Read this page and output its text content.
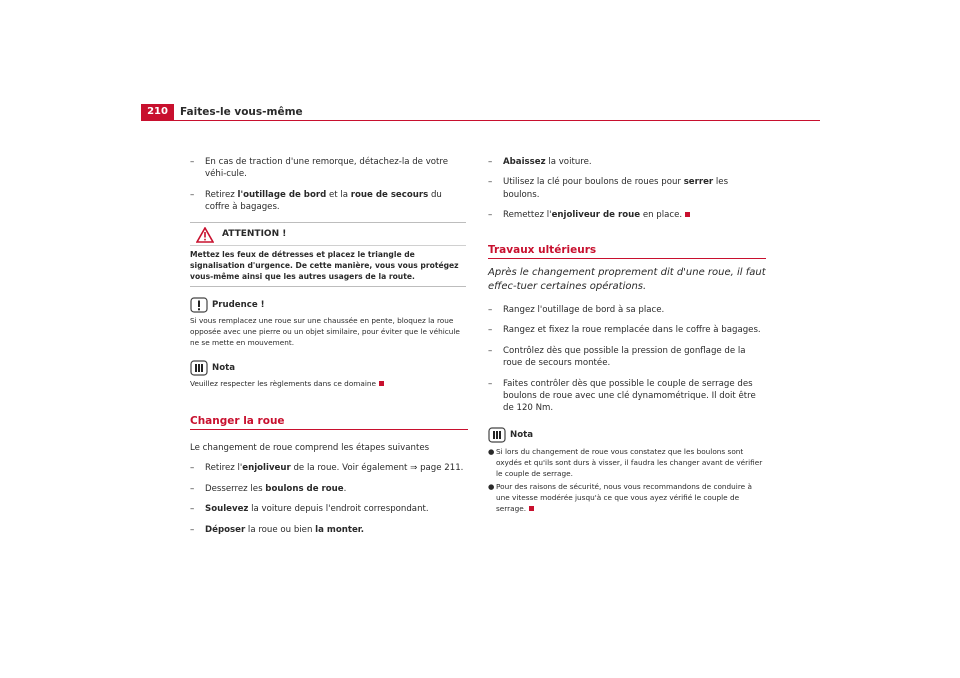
210	Faites-le vous-même
– En cas de traction d'une remorque, détachez-la de votre véhi-cule.
– Retirez l'outillage de bord et la roue de secours du coffre à bagages.
ATTENTION !
Mettez les feux de détresses et placez le triangle de signalisation d'urgence. De cette manière, vous vous protégez vous-même ainsi que les autres usagers de la route.
Prudence !
Si vous remplacez une roue sur une chaussée en pente, bloquez la roue opposée avec une pierre ou un objet similaire, pour éviter que le véhicule ne se mette en mouvement.
Nota
Veuillez respecter les règlements dans ce domaine
Changer la roue
Le changement de roue comprend les étapes suivantes
– Retirez l'enjoliveur de la roue. Voir également ⇒ page 211.
– Desserrez les boulons de roue.
– Soulevez la voiture depuis l'endroit correspondant.
– Déposer la roue ou bien la monter.
– Abaissez la voiture.
– Utilisez la clé pour boulons de roues pour serrer les boulons.
– Remettez l'enjoliveur de roue en place.
Travaux ultérieurs
Après le changement proprement dit d'une roue, il faut effec-tuer certaines opérations.
– Rangez l'outillage de bord à sa place.
– Rangez et fixez la roue remplacée dans le coffre à bagages.
– Contrôlez dès que possible la pression de gonflage de la roue de secours montée.
– Faites contrôler dès que possible le couple de serrage des boulons de roue avec une clé dynamométrique. Il doit être de 120 Nm.
Nota
● Si lors du changement de roue vous constatez que les boulons sont oxydés et qu'ils sont durs à visser, il faudra les changer avant de vérifier le couple de serrage.
● Pour des raisons de sécurité, nous vous recommandons de conduire à une vitesse modérée jusqu'à ce que vous ayez vérifié le couple de serrage.
